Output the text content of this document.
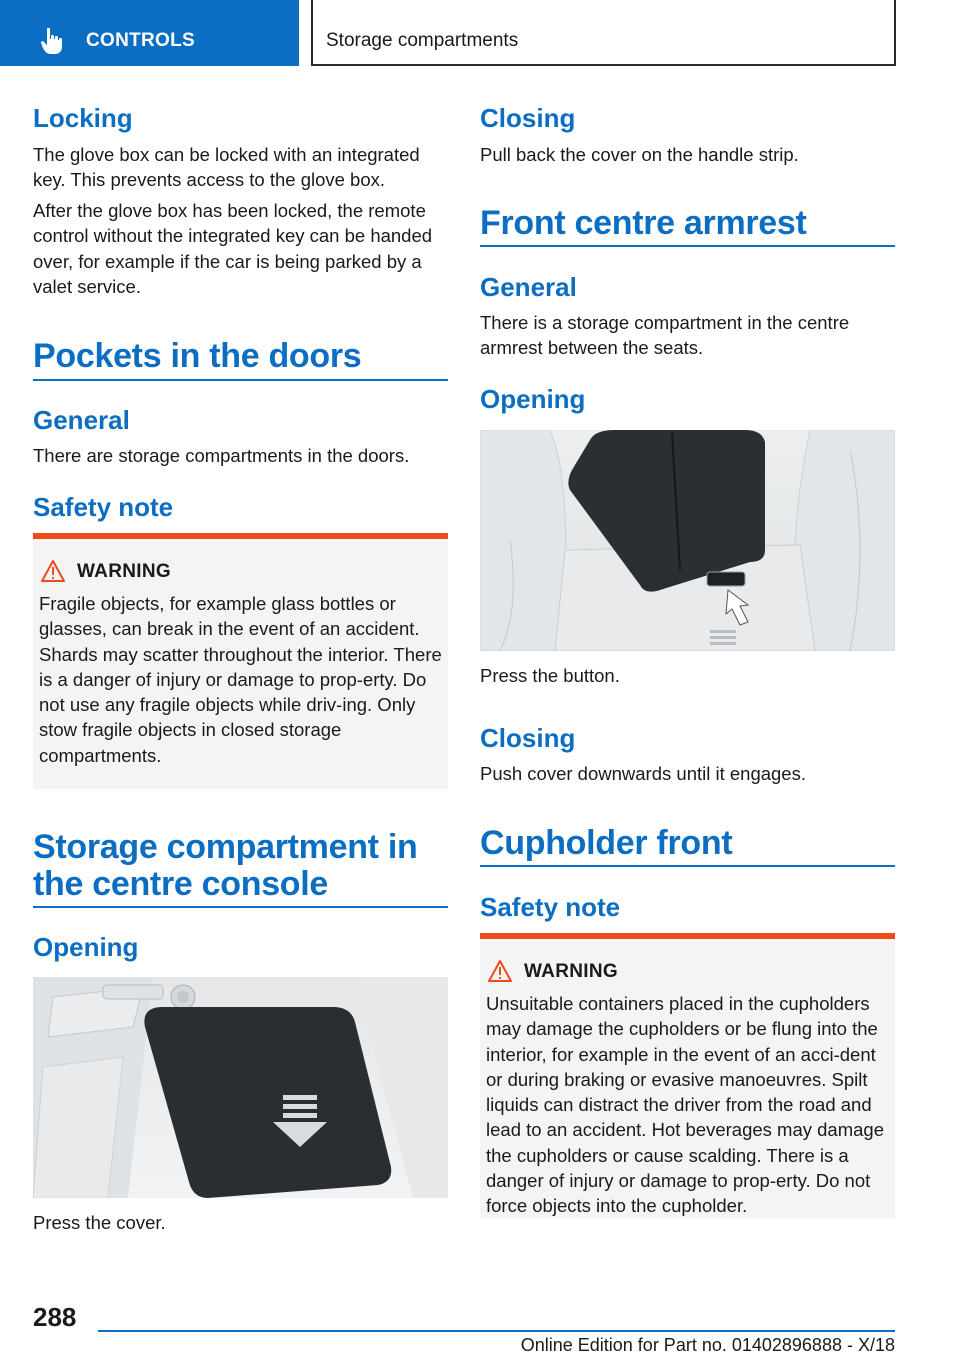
CONTROLS	Storage compartments
Locking
The glove box can be locked with an integrated key. This prevents access to the glove box.
After the glove box has been locked, the remote control without the integrated key can be handed over, for example if the car is being parked by a valet service.
Pockets in the doors
General
There are storage compartments in the doors.
Safety note
WARNING
Fragile objects, for example glass bottles or glasses, can break in the event of an accident. Shards may scatter throughout the interior. There is a danger of injury or damage to prop-erty. Do not use any fragile objects while driv-ing. Only stow fragile objects in closed storage compartments.
Storage compartment in the centre console
Opening
Press the cover.
Closing
Pull back the cover on the handle strip.
Front centre armrest
General
There is a storage compartment in the centre armrest between the seats.
Opening
Press the button.
Closing
Push cover downwards until it engages.
Cupholder front
Safety note
WARNING
Unsuitable containers placed in the cupholders may damage the cupholders or be flung into the interior, for example in the event of an acci-dent or during braking or evasive manoeuvres. Spilt liquids can distract the driver from the road and lead to an accident. Hot beverages may damage the cupholders or cause scalding. There is a danger of injury or damage to prop-erty. Do not force objects into the cupholder.
288
Online Edition for Part no. 01402896888 - X/18
